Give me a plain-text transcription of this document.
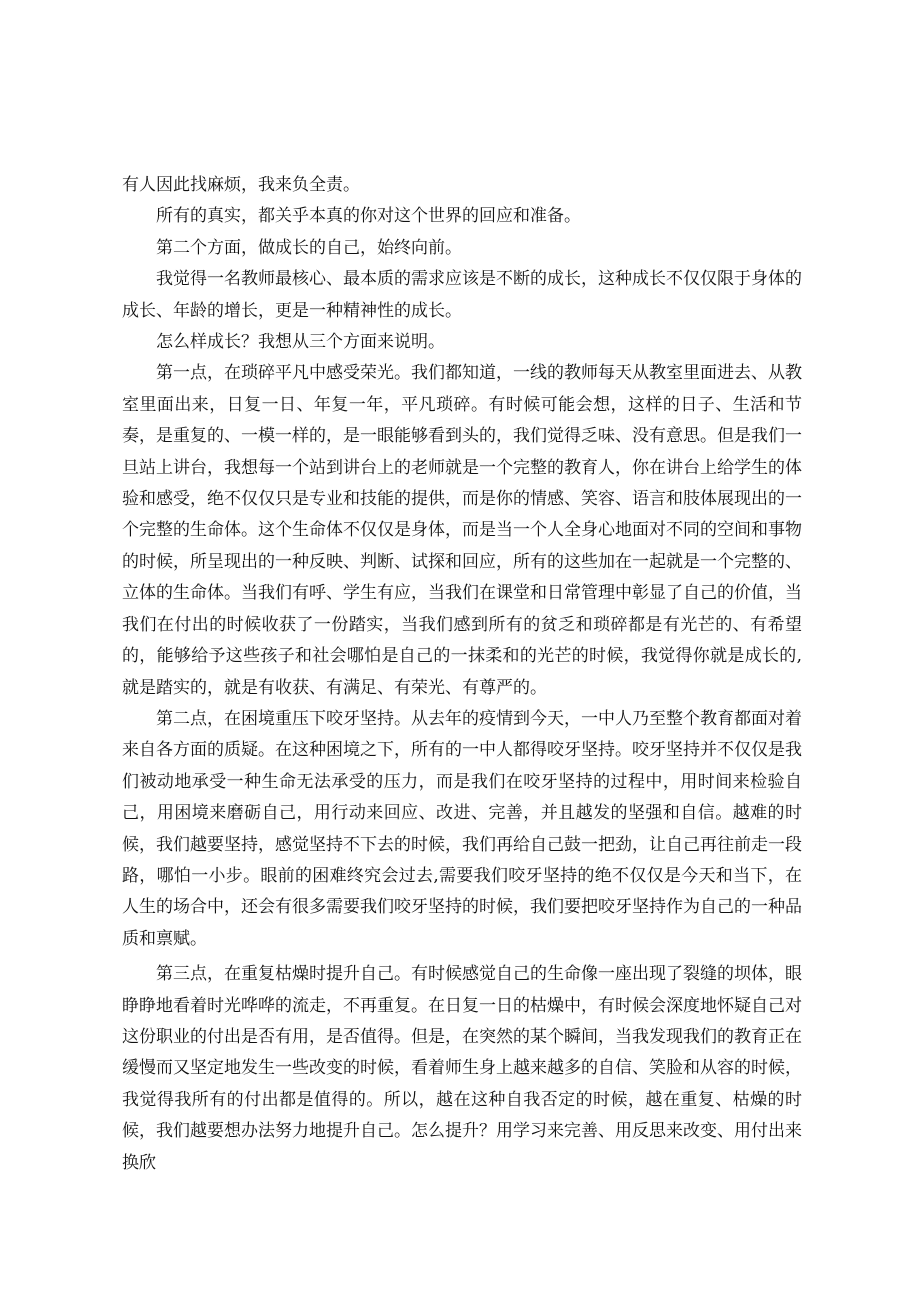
有人因此找麻烦，我来负全责。

所有的真实，都关乎本真的你对这个世界的回应和准备。

第二个方面，做成长的自己，始终向前。

我觉得一名教师最核心、最本质的需求应该是不断的成长，这种成长不仅仅限于身体的成长、年龄的增长，更是一种精神性的成长。

怎么样成长？我想从三个方面来说明。

第一点，在琐碎平凡中感受荣光。我们都知道，一线的教师每天从教室里面进去、从教室里面出来，日复一日、年复一年，平凡琐碎。有时候可能会想，这样的日子、生活和节奏，是重复的、一模一样的，是一眼能够看到头的，我们觉得乏味、没有意思。但是我们一旦站上讲台，我想每一个站到讲台上的老师就是一个完整的教育人，你在讲台上给学生的体验和感受，绝不仅仅只是专业和技能的提供，而是你的情感、笑容、语言和肢体展现出的一个完整的生命体。这个生命体不仅仅是身体，而是当一个人全身心地面对不同的空间和事物的时候，所呈现出的一种反映、判断、试探和回应，所有的这些加在一起就是一个完整的、立体的生命体。当我们有呼、学生有应，当我们在课堂和日常管理中彰显了自己的价值，当我们在付出的时候收获了一份踏实，当我们感到所有的贫乏和琐碎都是有光芒的、有希望的，能够给予这些孩子和社会哪怕是自己的一抹柔和的光芒的时候，我觉得你就是成长的,就是踏实的，就是有收获、有满足、有荣光、有尊严的。

第二点，在困境重压下咬牙坚持。从去年的疫情到今天，一中人乃至整个教育都面对着来自各方面的质疑。在这种困境之下，所有的一中人都得咬牙坚持。咬牙坚持并不仅仅是我们被动地承受一种生命无法承受的压力，而是我们在咬牙坚持的过程中，用时间来检验自己，用困境来磨砺自己，用行动来回应、改进、完善，并且越发的坚强和自信。越难的时候，我们越要坚持，感觉坚持不下去的时候，我们再给自己鼓一把劲，让自己再往前走一段路，哪怕一小步。眼前的困难终究会过去,需要我们咬牙坚持的绝不仅仅是今天和当下，在人生的场合中，还会有很多需要我们咬牙坚持的时候，我们要把咬牙坚持作为自己的一种品质和禀赋。

第三点，在重复枯燥时提升自己。有时候感觉自己的生命像一座出现了裂缝的坝体，眼睁睁地看着时光哗哗的流走，不再重复。在日复一日的枯燥中，有时候会深度地怀疑自己对这份职业的付出是否有用，是否值得。但是，在突然的某个瞬间，当我发现我们的教育正在缓慢而又坚定地发生一些改变的时候，看着师生身上越来越多的自信、笑脸和从容的时候，我觉得我所有的付出都是值得的。所以，越在这种自我否定的时候，越在重复、枯燥的时候，我们越要想办法努力地提升自己。怎么提升？用学习来完善、用反思来改变、用付出来换欣
